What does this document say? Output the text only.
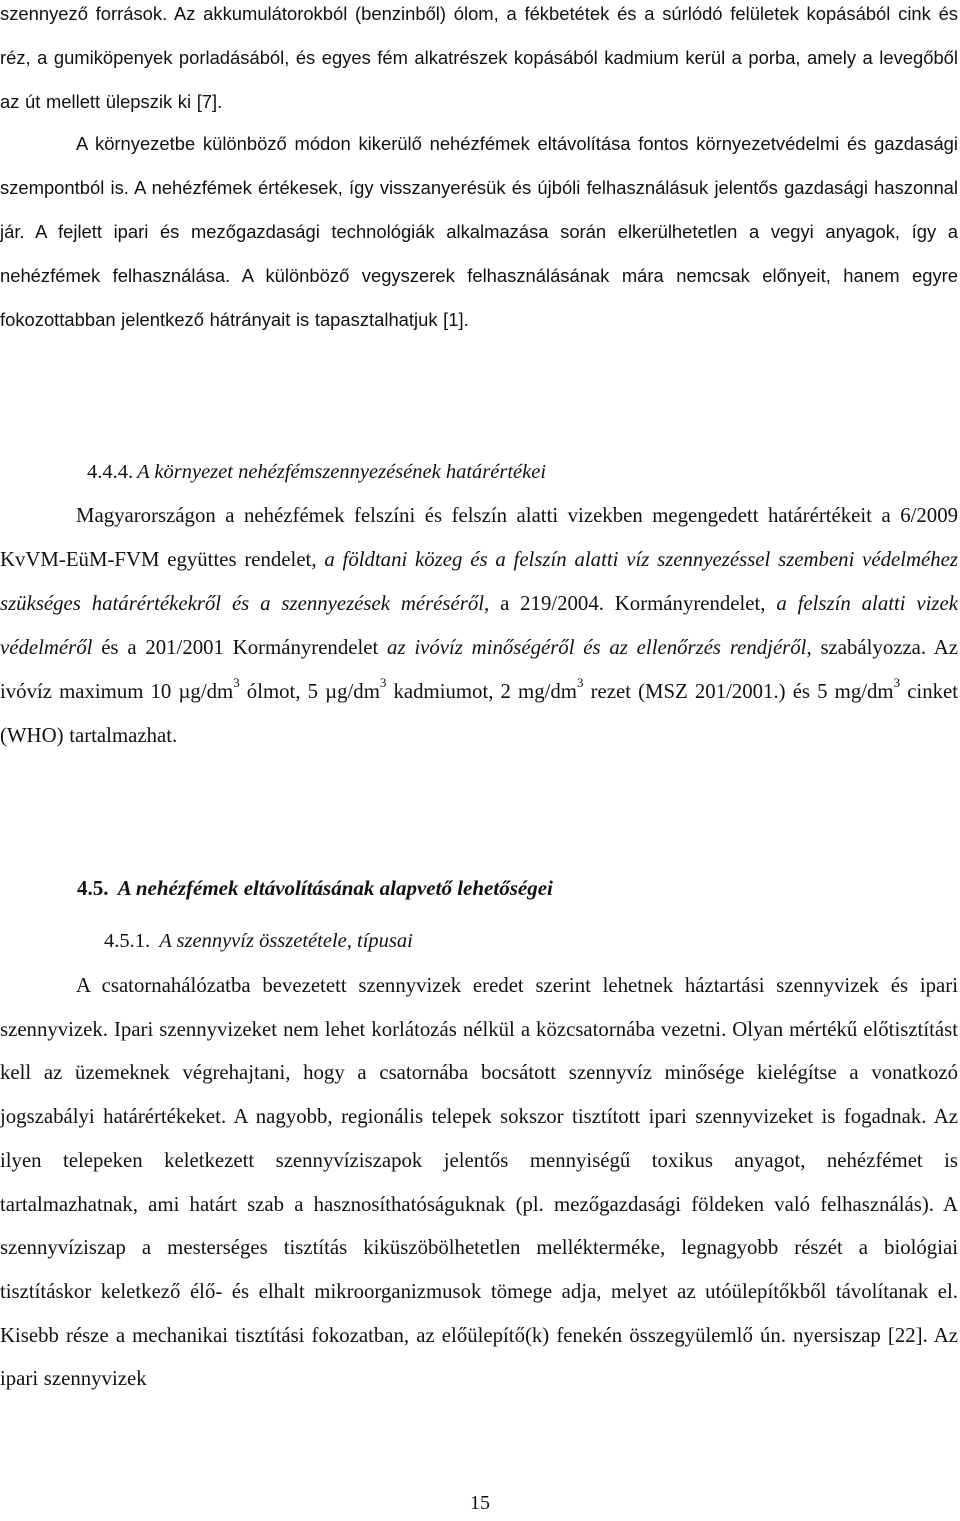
szennyező források. Az akkumulátorokból (benzinből) ólom, a fékbetétek és a súrlódó felületek kopásából cink és réz, a gumiköpenyek porladásából, és egyes fém alkatrészek kopásából kadmium kerül a porba, amely a levegőből az út mellett ülepszik ki [7].

A környezetbe különböző módon kikerülő nehézfémek eltávolítása fontos környezetvédelmi és gazdasági szempontból is. A nehézfémek értékesek, így visszanyerésük és újbóli felhasználásuk jelentős gazdasági haszonnal jár. A fejlett ipari és mezőgazdasági technológiák alkalmazása során elkerülhetetlen a vegyi anyagok, így a nehézfémek felhasználása. A különböző vegyszerek felhasználásának mára nemcsak előnyeit, hanem egyre fokozottabban jelentkező hátrányait is tapasztalhatjuk [1].

4.4.4. A környezet nehézfémszennyezésének határértékei

Magyarországon a nehézfémek felszíni és felszín alatti vizekben megengedett határértékeit a 6/2009 KvVM-EüM-FVM együttes rendelet, a földtani közeg és a felszín alatti víz szennyezéssel szembeni védelméhez szükséges határértékekről és a szennyezések méréséről, a 219/2004. Kormányrendelet, a felszín alatti vizek védelméről és a 201/2001 Kormányrendelet az ivóvíz minőségéről és az ellenőrzés rendjéről, szabályozza. Az ivóvíz maximum 10 $\mu g/dm^3$ ólmot, 5 $\mu g/dm^3$ kadmiumot, 2 $mg/dm^3$ rezet (MSZ 201/2001.) és 5 $mg/dm^3$ cinket (WHO) tartalmazhat.

4.5. A nehézfémek eltávolításának alapvető lehetőségei
4.5.1. A szennyvíz összetétele, típusai

A csatornahálózatba bevezetett szennyvizek eredet szerint lehetnek háztartási szennyvizek és ipari szennyvizek. Ipari szennyvizeket nem lehet korlátozás nélkül a közcsatornába vezetni. Olyan mértékű előtisztítást kell az üzemeknek végrehajtani, hogy a csatornába bocsátott szennyvíz minősége kielégítse a vonatkozó jogszabályi határértékeket. A nagyobb, regionális telepek sokszor tisztított ipari szennyvizeket is fogadnak. Az ilyen telepeken keletkezett szennyvíziszapok jelentős mennyiségű toxikus anyagot, nehézfémet is tartalmazhatnak, ami határt szab a hasznosíthatóságuknak (pl. mezőgazdasági földeken való felhasználás). A szennyvíziszap a mesterséges tisztítás kiküszöbölhetetlen mellékterméke, legnagyobb részét a biológiai tisztításkor keletkező élő- és elhalt mikroorganizmusok tömege adja, melyet az utóülepítőkből távolítanak el. Kisebb része a mechanikai tisztítási fokozatban, az előülepítő(k) fenekén összegyülemlő ún. nyersiszap [22]. Az ipari szennyvizek

15
